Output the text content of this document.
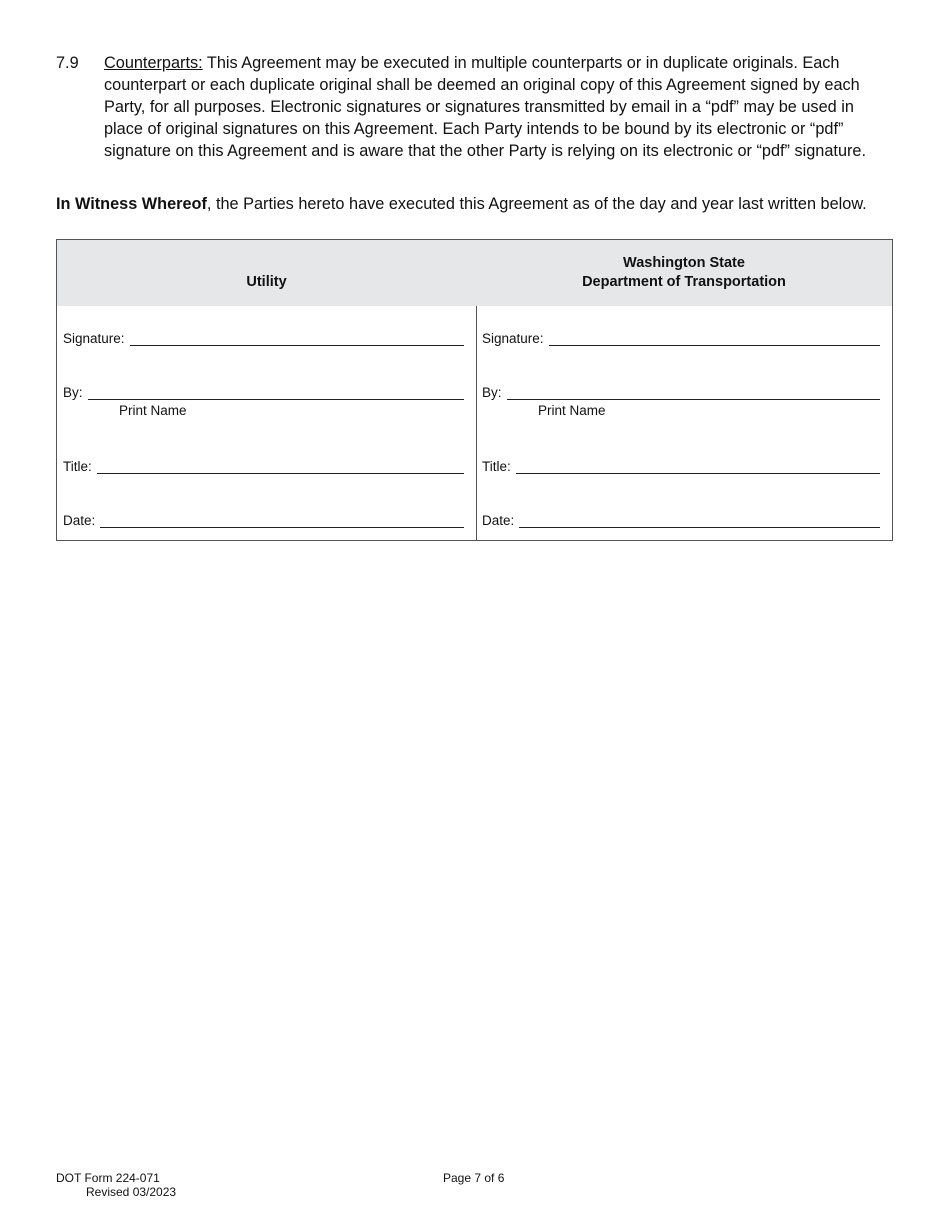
7.9 Counterparts: This Agreement may be executed in multiple counterparts or in duplicate originals. Each counterpart or each duplicate original shall be deemed an original copy of this Agreement signed by each Party, for all purposes. Electronic signatures or signatures transmitted by email in a “pdf” may be used in place of original signatures on this Agreement. Each Party intends to be bound by its electronic or “pdf” signature on this Agreement and is aware that the other Party is relying on its electronic or “pdf” signature.
In Witness Whereof, the Parties hereto have executed this Agreement as of the day and year last written below.
Utility
Signature:
By:
Print Name
Title:
Date:
Washington State
Department of Transportation
Signature:
By:
Print Name
Title:
Date:
DOT Form 224-071
Revised 03/2023
Page 7 of 6
